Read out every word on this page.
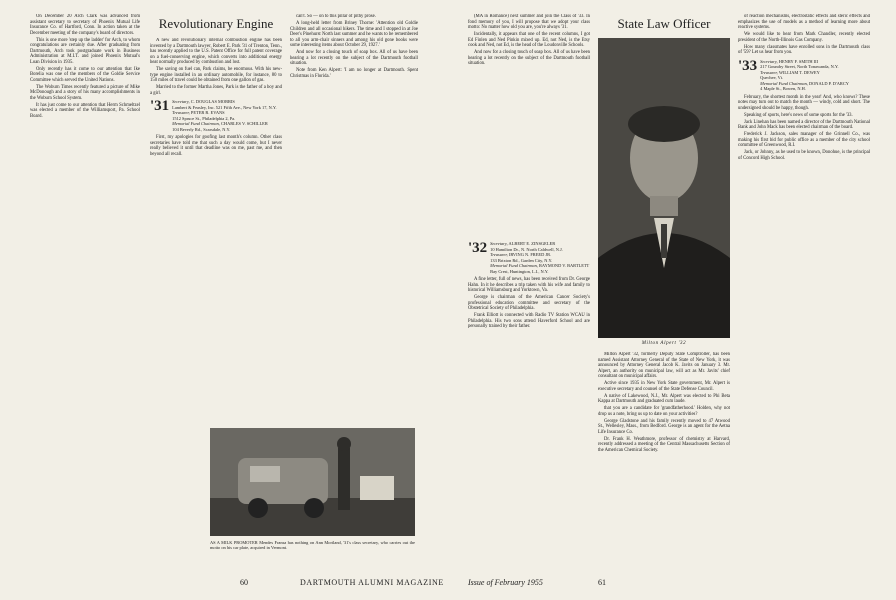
On December 20 Arch Clark was advanced from assistant secretary to secretary of Phoenix Mutual Life Insurance Co. of Hartford, Conn. In action taken at the December meeting of the company's board of directors.

This is one more 'step up the ladder' for Arch, to whom congratulations are certainly due. After graduating from Dartmouth, Arch took postgraduate work in Business Administration at M.I.T. and joined Phoenix Mutual's Loan Division in 1935.

Only recently has it come to our attention that Ike Borelia was one of the members of the Goldie Service Committee which served the United Nations.

The Woburn Times recently featured a picture of Mike McDonough and a story of his many accomplishments in the Woburn School System.

It has just come to our attention that Herm Schmeltzel was elected a member of the Williamsport, Pa. School Board.

Revolutionary Engine

A new and revolutionary internal combustion engine has been invented by a Dartmouth lawyer, Robert E. Park '31 of Trenton, Tenn., has recently applied to the U.S. Patent Office for full patent coverage on a fuel-conserving engine, which converts into additional energy heat normally produced by combustion and lost.

The saving on fuel can, Park claims, be enormous. With his new-type engine installed in an ordinary automobile, for instance, 80 to 150 miles of travel could be obtained from one gallon of gas.

Married to the former Martha Jones, Park is the father of a boy and a girl.

'31 Secretary, C. DOUGLAS MORRIS
Lambert & Feasley, Inc. 521 Fifth Ave., New York 17, N.Y.
Treasurer, PETER R. EVANS
1512 Spruce St., Philadelphia 2, Pa.
Memorial Fund Chairman, CHARLES V. SCHILLER
104 Beverly Rd., Scarsdale, N.Y.

First, my apologies for goofing last month's column. Other class secretaries have told me that such a day would come, but I never really believed it until that deadline was on me, past me, and then beyond all recall.

can't. So — on to this pillar of pithy prose.

A long-held letter from Briney Thorne: 'Attention old Goldie Children and all occasional hikers. The time and I stopped in at Joe Deer's Pinehurst North last summer and he wants to be remembered to all you arm-chair sinners and among his old gone books were some interesting items about October 29, 1927.'

And now for a closing touch of soap box. All of us have been hearing a lot recently on the subject of the Dartmouth football situation.

Note from Ken Alpert: 'I am no longer at Dartmouth. Spent Christmas in Florida.'

AS A MILK PROMOTER Mendes Fransa has nothing on Ann Mortland, '31's class secretary, who carries out the motto on his car plate, acquired in Vermont.
60	DARTMOUTH ALUMNI MAGAZINE

(MA in Romance) next summer and join the Class of '33. In fond memory of you, I will propose that we adopt your class motto: No matter how old you are, you're always '31.

Incidentally, it appears that one of the recent columns, I got Ed Finlen and Ned Pinkin mixed up. Ed, not Ned, is the Etsy cook and Ned, not Ed, is the head of the Loudonville Schools.

And now for a closing touch of soap box. All of us have been hearing a lot recently on the subject of the Dartmouth football situation.

'32 Secretary, ALBERT E. ZINSGELER
10 Hamilton Dr., N. North Caldwell, N.J.
Treasurer, IRVING N. FREED JR.
133 Brixton Rd., Garden City, N.Y.
Memorial Fund Chairman, RAYMOND V. BARTLETT
Bay Crest, Huntington, L.I., N.Y.

A fine letter, full of news, has been received from Dr. George Hahn. In it he describes a trip taken with his wife and family to historical Williamsburg and Yorktown, Va.

George is chairman of the American Cancer Society's professional education committee and secretary of the Obstetrical Society of Philadelphia.

Frank Elliott is connected with Radio TV Station WCAU in Philadelphia. His two sons attend Haverford School and are personally trained by their father.

State Law Officer
Milton Alpert '32

Milton Alpert '32, formerly Deputy State Comptroller, has been named Assistant Attorney General of the State of New York, it was announced by Attorney General Jacob K. Javits on January 3. Mr. Alpert, an authority on municipal law, will act as Mr. Javits' chief consultant on municipal affairs.

Active since 1935 in New York State government, Mr. Alpert is executive secretary and counsel of the State Defense Council.

A native of Lakewood, N.J., Mr. Alpert was elected to Phi Beta Kappa at Dartmouth and graduated cum laude.

that you are a candidate for 'grandfatherhood.' Holden, why not drop us a note, bring us up to date on your activities?

George Gladstone and his family recently moved to 47 Atwood St., Wellesley, Mass., from Bedford. George is an agent for the Aetna Life Insurance Co.

Dr. Frank H. Weathmore, professor of chemistry at Harvard, recently addressed a meeting of the Central Massachusetts Section of the American Chemical Society.

of reaction mechanisms, electrostatic effects and steric effects and emphasizes the use of models as a method of learning more about reactive systems.

We would like to hear from Mark Chandler, recently elected president of the North-Illinois Gas Company.

How many classmates have enrolled sons in the Dartmouth class of '59? Let us hear from you.

'33 Secretary, HENRY F. SMITH III
217 Goundry Street, North Tonawanda, N.Y.
Treasurer, WILLIAM T. DEWEY
Quechee, Vt.
Memorial Fund Chairman, DONALD P. D'ARCY
4 Maple St., Bowen, N.H.

February, the shortest month in the year! And, who knows? These notes may turn out to match the month — windy, cold and short. The undersigned should be happy, though.

Speaking of sports, here's news of some sports for the '33.

Jack Linehan has been named a director of the Dartmouth National Bank and John Mack has been elected chairman of the board.

Frederick J. Jackson, sales manager of the Grinnell Co., was making his first bid for public office as a member of the city school committee of Greenwood, R.I.

Jack, or Johnny, as he used to be known, Donohue, is the principal of Concord High School.

Issue of February 1955	61
